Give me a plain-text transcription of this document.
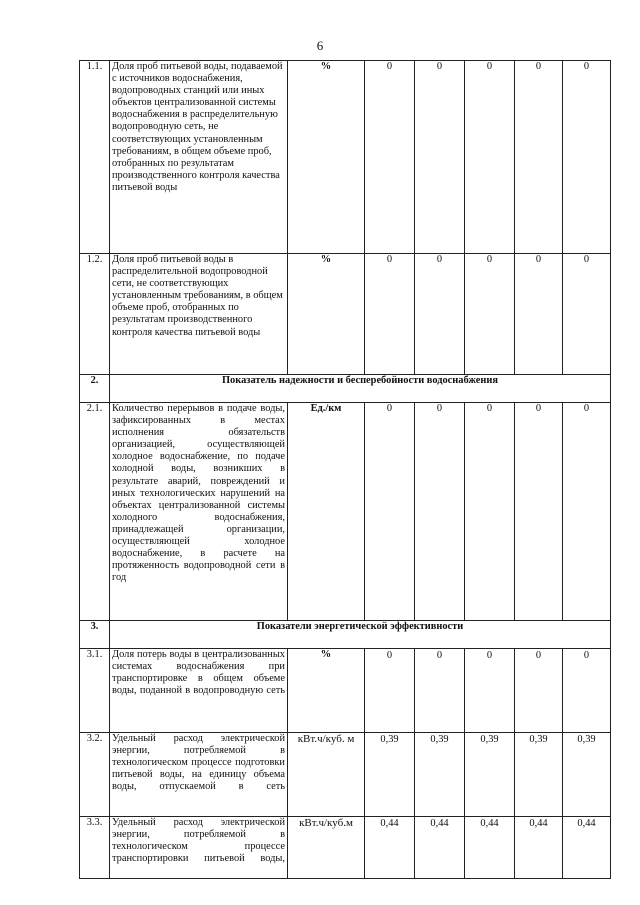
6
1.1.	Доля проб питьевой воды, подаваемой с источников водоснабжения, водопроводных станций или иных объектов централизованной системы водоснабжения в распределительную водопроводную сеть, не соответствующих установленным требованиям, в общем объеме проб, отобранных по результатам производственного контроля качества питьевой воды	%	0	0	0	0	0
1.2.	Доля проб питьевой воды в распределительной водопроводной сети, не соответствующих установленным требованиям, в общем объеме проб, отобранных по результатам производственного контроля качества питьевой воды	%	0	0	0	0	0
2.	Показатель надежности и бесперебойности водоснабжения						
2.1.	Количество перерывов в подаче воды, зафиксированных в местах исполнения обязательств организацией, осуществляющей холодное водоснабжение, по подаче холодной воды, возникших в результате аварий, повреждений и иных технологических нарушений на объектах централизованной системы холодного водоснабжения, принадлежащей организации, осуществляющей холодное водоснабжение, в расчете на протяженность водопроводной сети в год	Ед./км	0	0	0	0	0
3.	Показатели энергетической эффективности						
3.1.	Доля потерь воды в централизованных системах водоснабжения при транспортировке в общем объеме воды, поданной в водопроводную сеть	%	0	0	0	0	0
3.2.	Удельный расход электрической энергии, потребляемой в технологическом процессе подготовки питьевой воды, на единицу объема воды, отпускаемой в сеть	кВт.ч/куб. м	0,39	0,39	0,39	0,39	0,39
3.3.	Удельный расход электрической энергии, потребляемой в технологическом процессе транспортировки питьевой воды,	кВт.ч/куб.м	0,44	0,44	0,44	0,44	0,44
